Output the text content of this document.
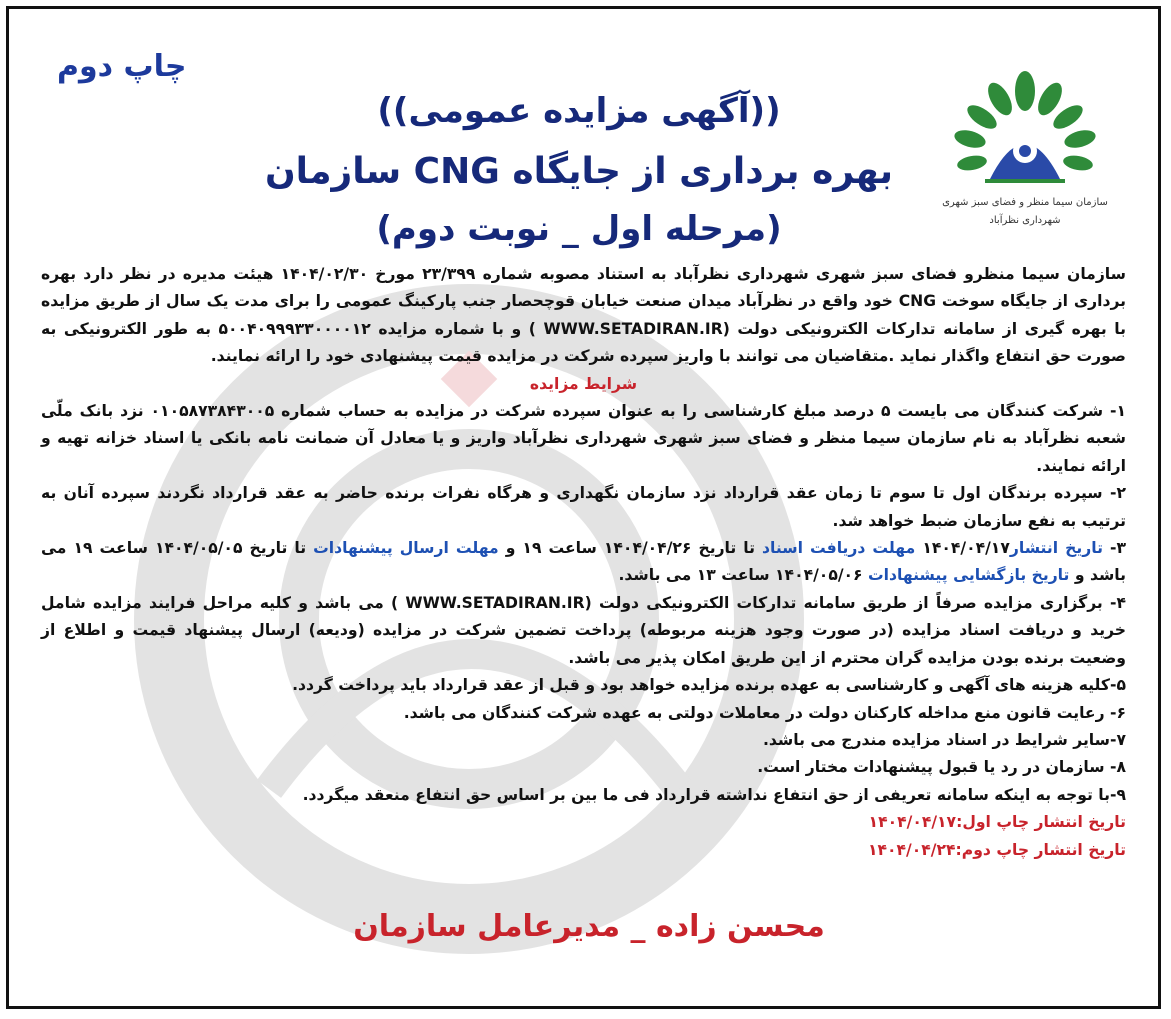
چاپ دوم
سازمان سیما منظر و فضای سبز شهری
شهرداری نظرآباد
((آگهی مزایده عمومی))
بهره برداری از جایگاه CNG سازمان
(مرحله اول _ نوبت دوم)

سازمان سیما منظرو فضای سبز شهری شهرداری نظرآباد به استناد مصوبه شماره ۲۳/۳۹۹ مورخ ۱۴۰۴/۰۲/۳۰ هیئت مدیره در نظر دارد بهره برداری از جایگاه سوخت CNG خود واقع در نظرآباد میدان صنعت خیابان قوچحصار جنب پارکینگ عمومی را برای مدت یک سال از طریق مزایده با بهره گیری از سامانه تدارکات الکترونیکی دولت (WWW.SETADIRAN.IR ) و با شماره مزایده ۵۰۰۴۰۹۹۹۳۳۰۰۰۰۱۲ به طور الکترونیکی به صورت حق انتفاع واگذار نماید .متقاضیان می توانند با واریز سپرده شرکت در مزایده قیمت پیشنهادی خود را ارائه نمایند.

شرایط مزایده

۱- شرکت کنندگان می بایست ۵ درصد مبلغ کارشناسی را به عنوان سپرده شرکت در مزایده به حساب شماره ۰۱۰۵۸۷۳۸۴۳۰۰۵ نزد بانک ملّی شعبه نظرآباد به نام سازمان سیما منظر و فضای سبز شهری شهرداری نظرآباد واریز و یا معادل آن ضمانت نامه بانکی یا اسناد خزانه تهیه و ارائه نمایند.

۲- سپرده برندگان اول تا سوم تا زمان عقد قرارداد نزد سازمان نگهداری و هرگاه نفرات برنده حاضر به عقد قرارداد نگردند سپرده آنان به ترتیب به نفع سازمان ضبط خواهد شد.

۳- تاریخ انتشار۱۴۰۴/۰۴/۱۷ مهلت دریافت اسناد تا تاریخ ۱۴۰۴/۰۴/۲۶ ساعت ۱۹ و مهلت ارسال پیشنهادات تا تاریخ ۱۴۰۴/۰۵/۰۵ ساعت ۱۹ می باشد و تاریخ بازگشایی پیشنهادات ۱۴۰۴/۰۵/۰۶ ساعت ۱۳ می باشد.

۴- برگزاری مزایده صرفاً از طریق سامانه تدارکات الکترونیکی دولت (WWW.SETADIRAN.IR ) می باشد و کلیه مراحل فرایند مزایده شامل خرید و دریافت اسناد مزایده (در صورت وجود هزینه مربوطه) پرداخت تضمین شرکت در مزایده (ودیعه) ارسال پیشنهاد قیمت و اطلاع از وضعیت برنده بودن مزایده گران محترم از این طریق امکان پذیر می باشد.

۵-کلیه هزینه های آگهی و کارشناسی به عهده برنده مزایده خواهد بود و قبل از عقد قرارداد باید پرداخت گردد.

۶- رعایت قانون منع مداخله کارکنان دولت در معاملات دولتی به عهده شرکت کنندگان می باشد.

۷-سایر شرایط در اسناد مزایده مندرج می باشد.

۸- سازمان در رد یا قبول پیشنهادات مختار است.

۹-با توجه به اینکه سامانه تعریفی از حق انتفاع نداشته قرارداد فی ما بین بر اساس حق انتفاع منعقد میگردد.

تاریخ انتشار چاپ اول:۱۴۰۴/۰۴/۱۷

تاریخ انتشار چاپ دوم:۱۴۰۴/۰۴/۲۴

محسن زاده _ مدیرعامل سازمان
